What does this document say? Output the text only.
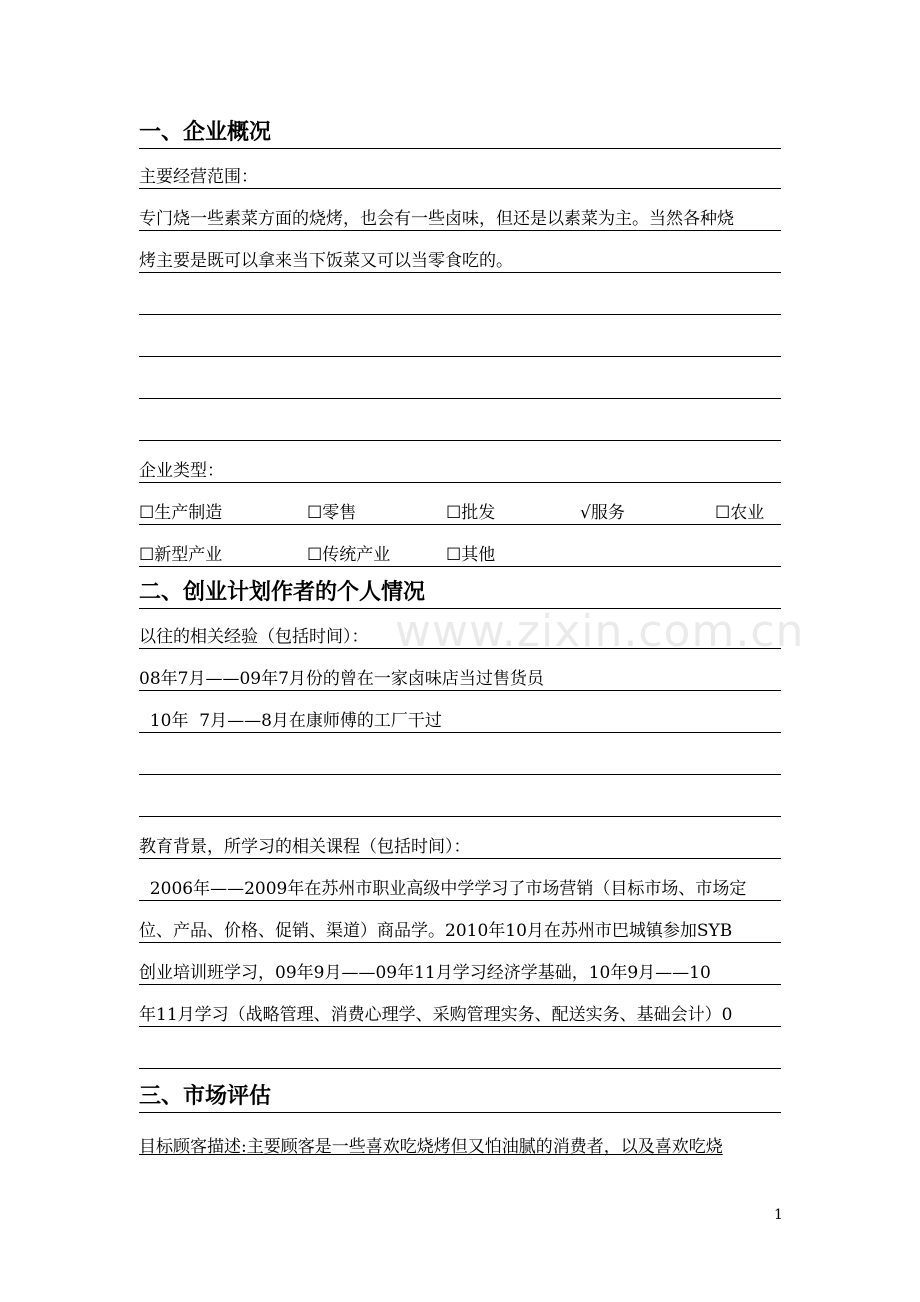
一、企业概况
主要经营范围：
专门烧一些素菜方面的烧烤，也会有一些卤味，但还是以素菜为主。当然各种烧
烤主要是既可以拿来当下饭菜又可以当零食吃的。
企业类型：
☐生产制造	☐零售	☐批发	√服务	☐农业
☐新型产业	☐传统产业	☐其他
二、创业计划作者的个人情况
以往的相关经验（包括时间）：
08年7月——09年7月份的曾在一家卤味店当过售货员
10年  7月——8月在康师傅的工厂干过
教育背景，所学习的相关课程（包括时间）：
2006年——2009年在苏州市职业高级中学学习了市场营销（目标市场、市场定
位、产品、价格、促销、渠道）商品学。2010年10月在苏州市巴城镇参加SYB
创业培训班学习，09年9月——09年11月学习经济学基础，10年9月——10
年11月学习（战略管理、消费心理学、采购管理实务、配送实务、基础会计）0
三、市场评估
目标顾客描述:主要顾客是一些喜欢吃烧烤但又怕油腻的消费者，以及喜欢吃烧
www.zixin.com.cn
1
